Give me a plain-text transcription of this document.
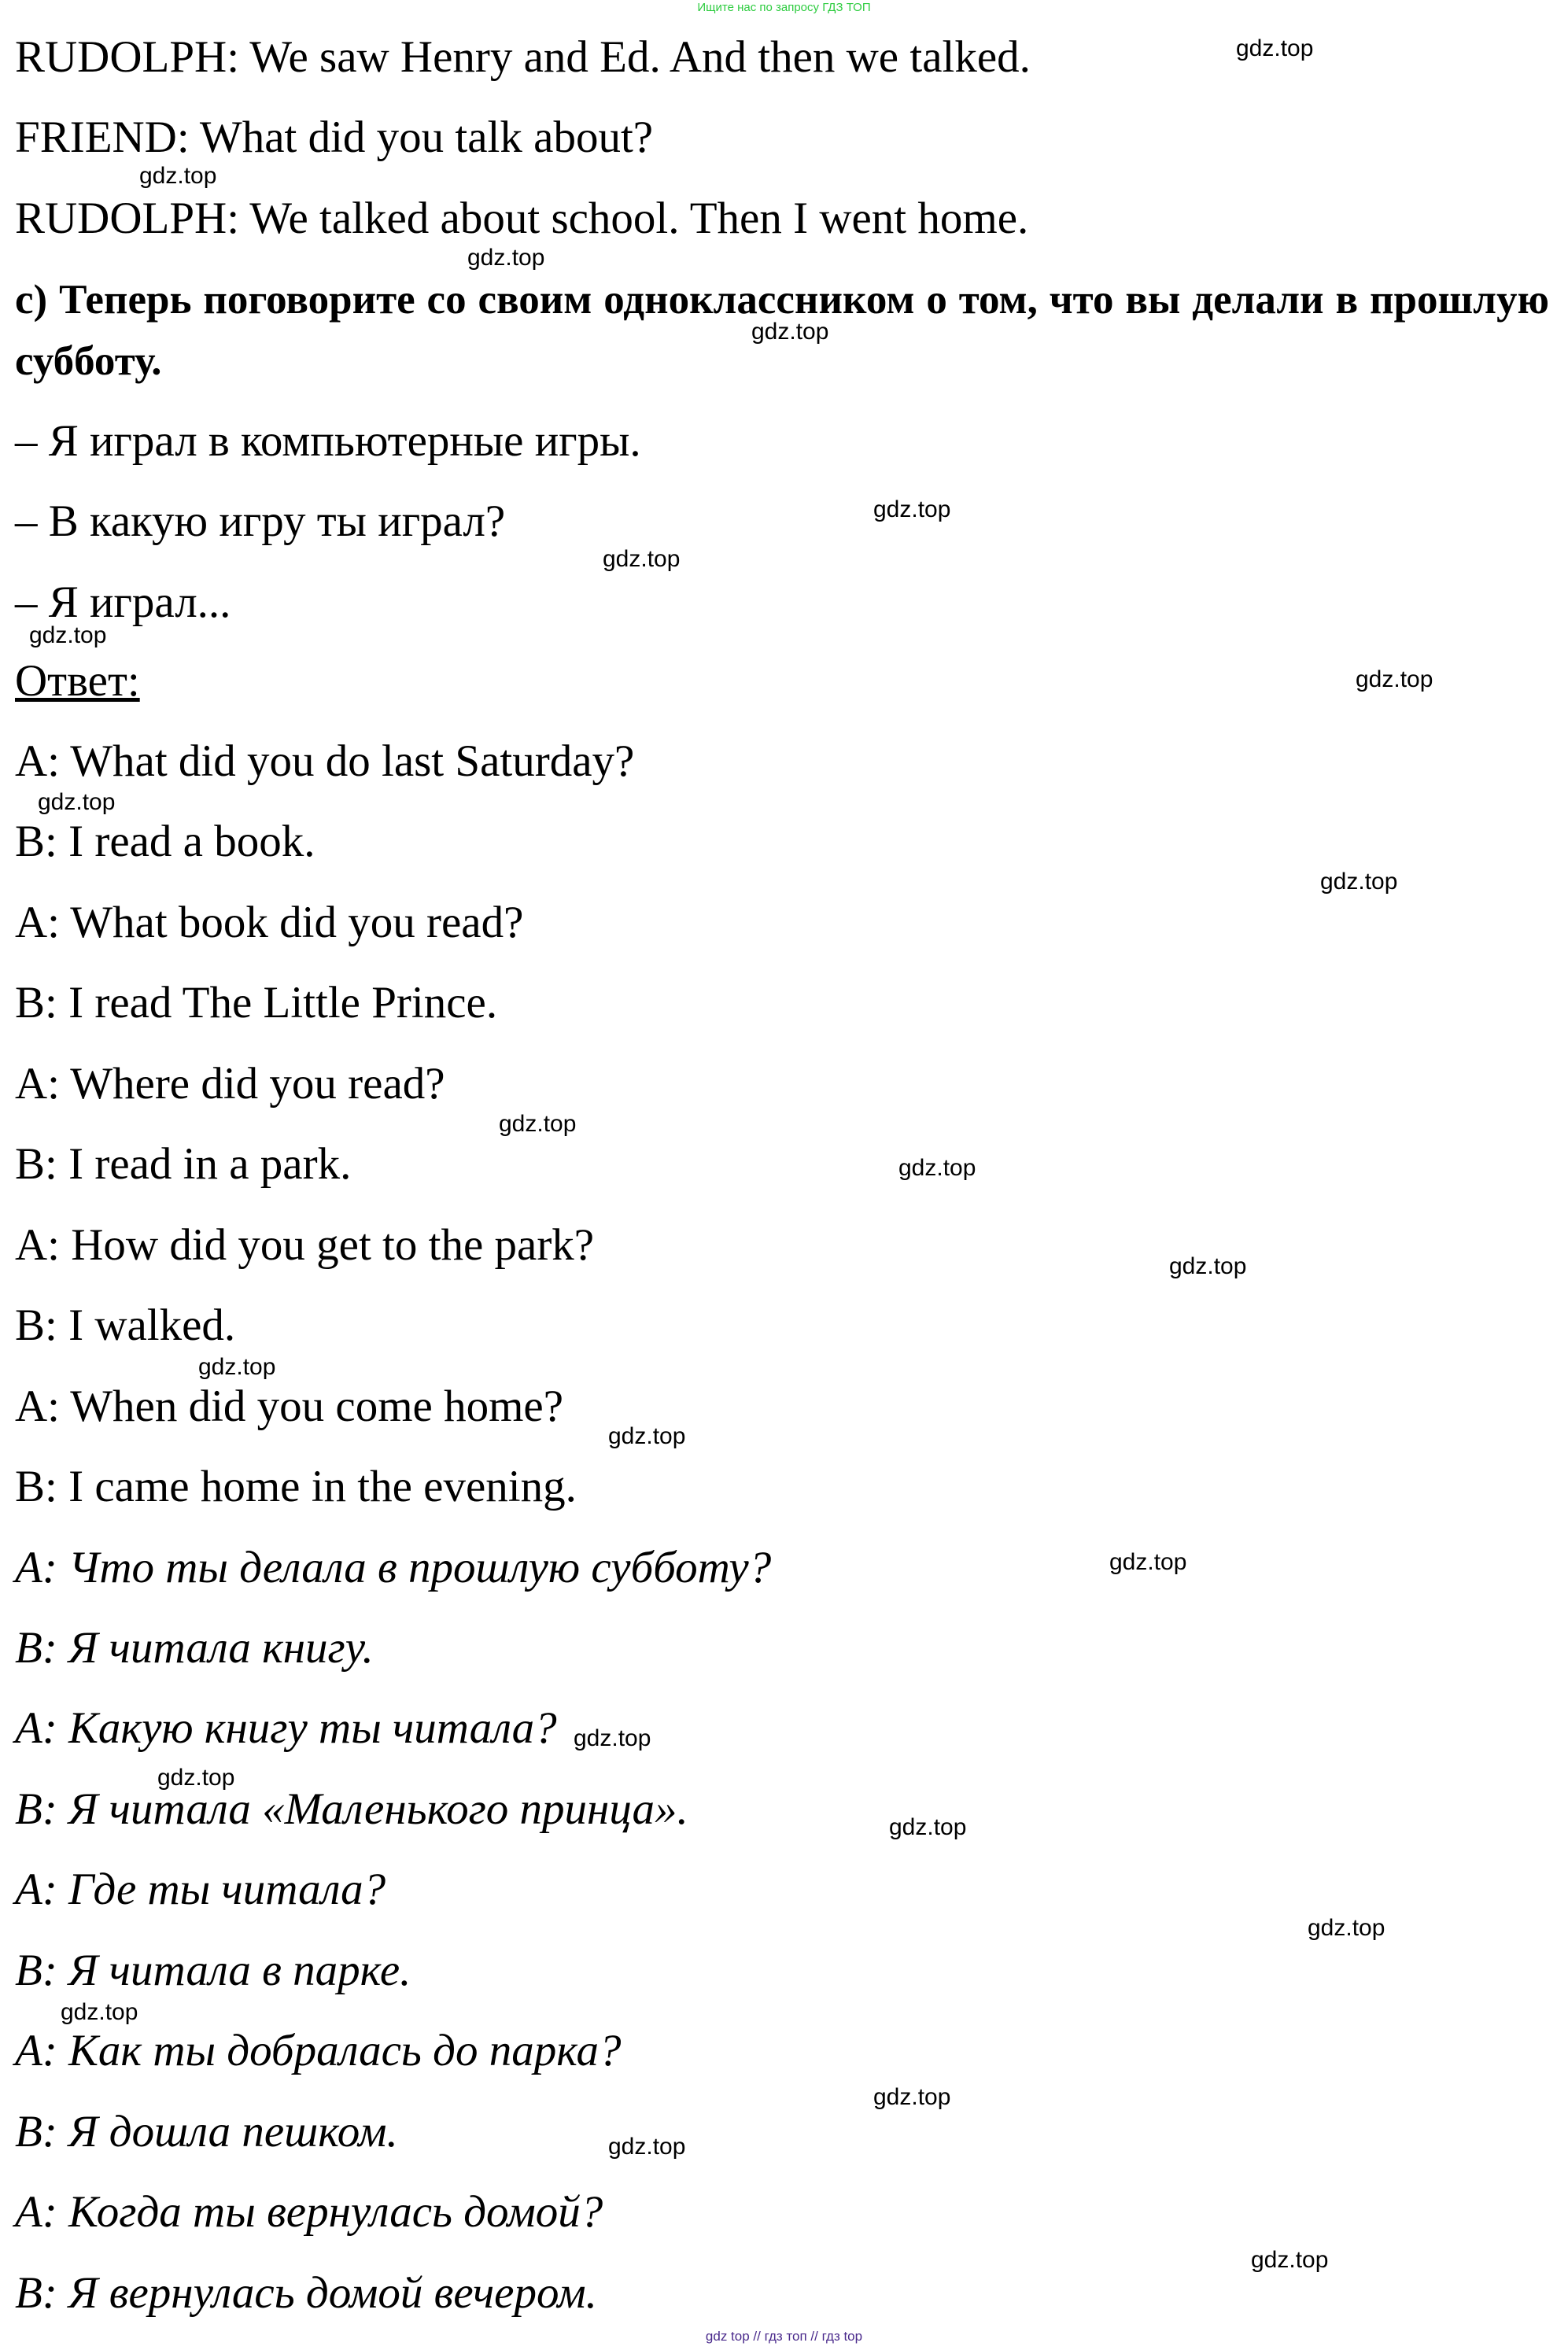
Ищите нас по запросу ГДЗ ТОП
RUDOLPH: We saw Henry and Ed. And then we talked.
FRIEND: What did you talk about?
RUDOLPH: We talked about school. Then I went home.
c) Теперь поговорите со своим одноклассником о том, что вы делали в прошлую субботу.
– Я играл в компьютерные игры.
– В какую игру ты играл?
– Я играл...
Ответ:
A: What did you do last Saturday?
B: I read a book.
A: What book did you read?
B: I read The Little Prince.
A: Where did you read?
B: I read in a park.
A: How did you get to the park?
B: I walked.
A: When did you come home?
B: I came home in the evening.
A: Что ты делала в прошлую субботу?
B: Я читала книгу.
A: Какую книгу ты читала?
B: Я читала «Маленького принца».
A: Где ты читала?
B: Я читала в парке.
A: Как ты добралась до парка?
B: Я дошла пешком.
A: Когда ты вернулась домой?
B: Я вернулась домой вечером.
gdz.top
gdz.top
gdz.top
gdz.top
gdz.top
gdz.top
gdz.top
gdz.top
gdz.top
gdz.top
gdz.top
gdz.top
gdz.top
gdz.top
gdz.top
gdz.top
gdz.top
gdz.top
gdz.top
gdz.top
gdz.top
gdz.top
gdz.top
gdz.top
gdz top // гдз топ // гдз top
